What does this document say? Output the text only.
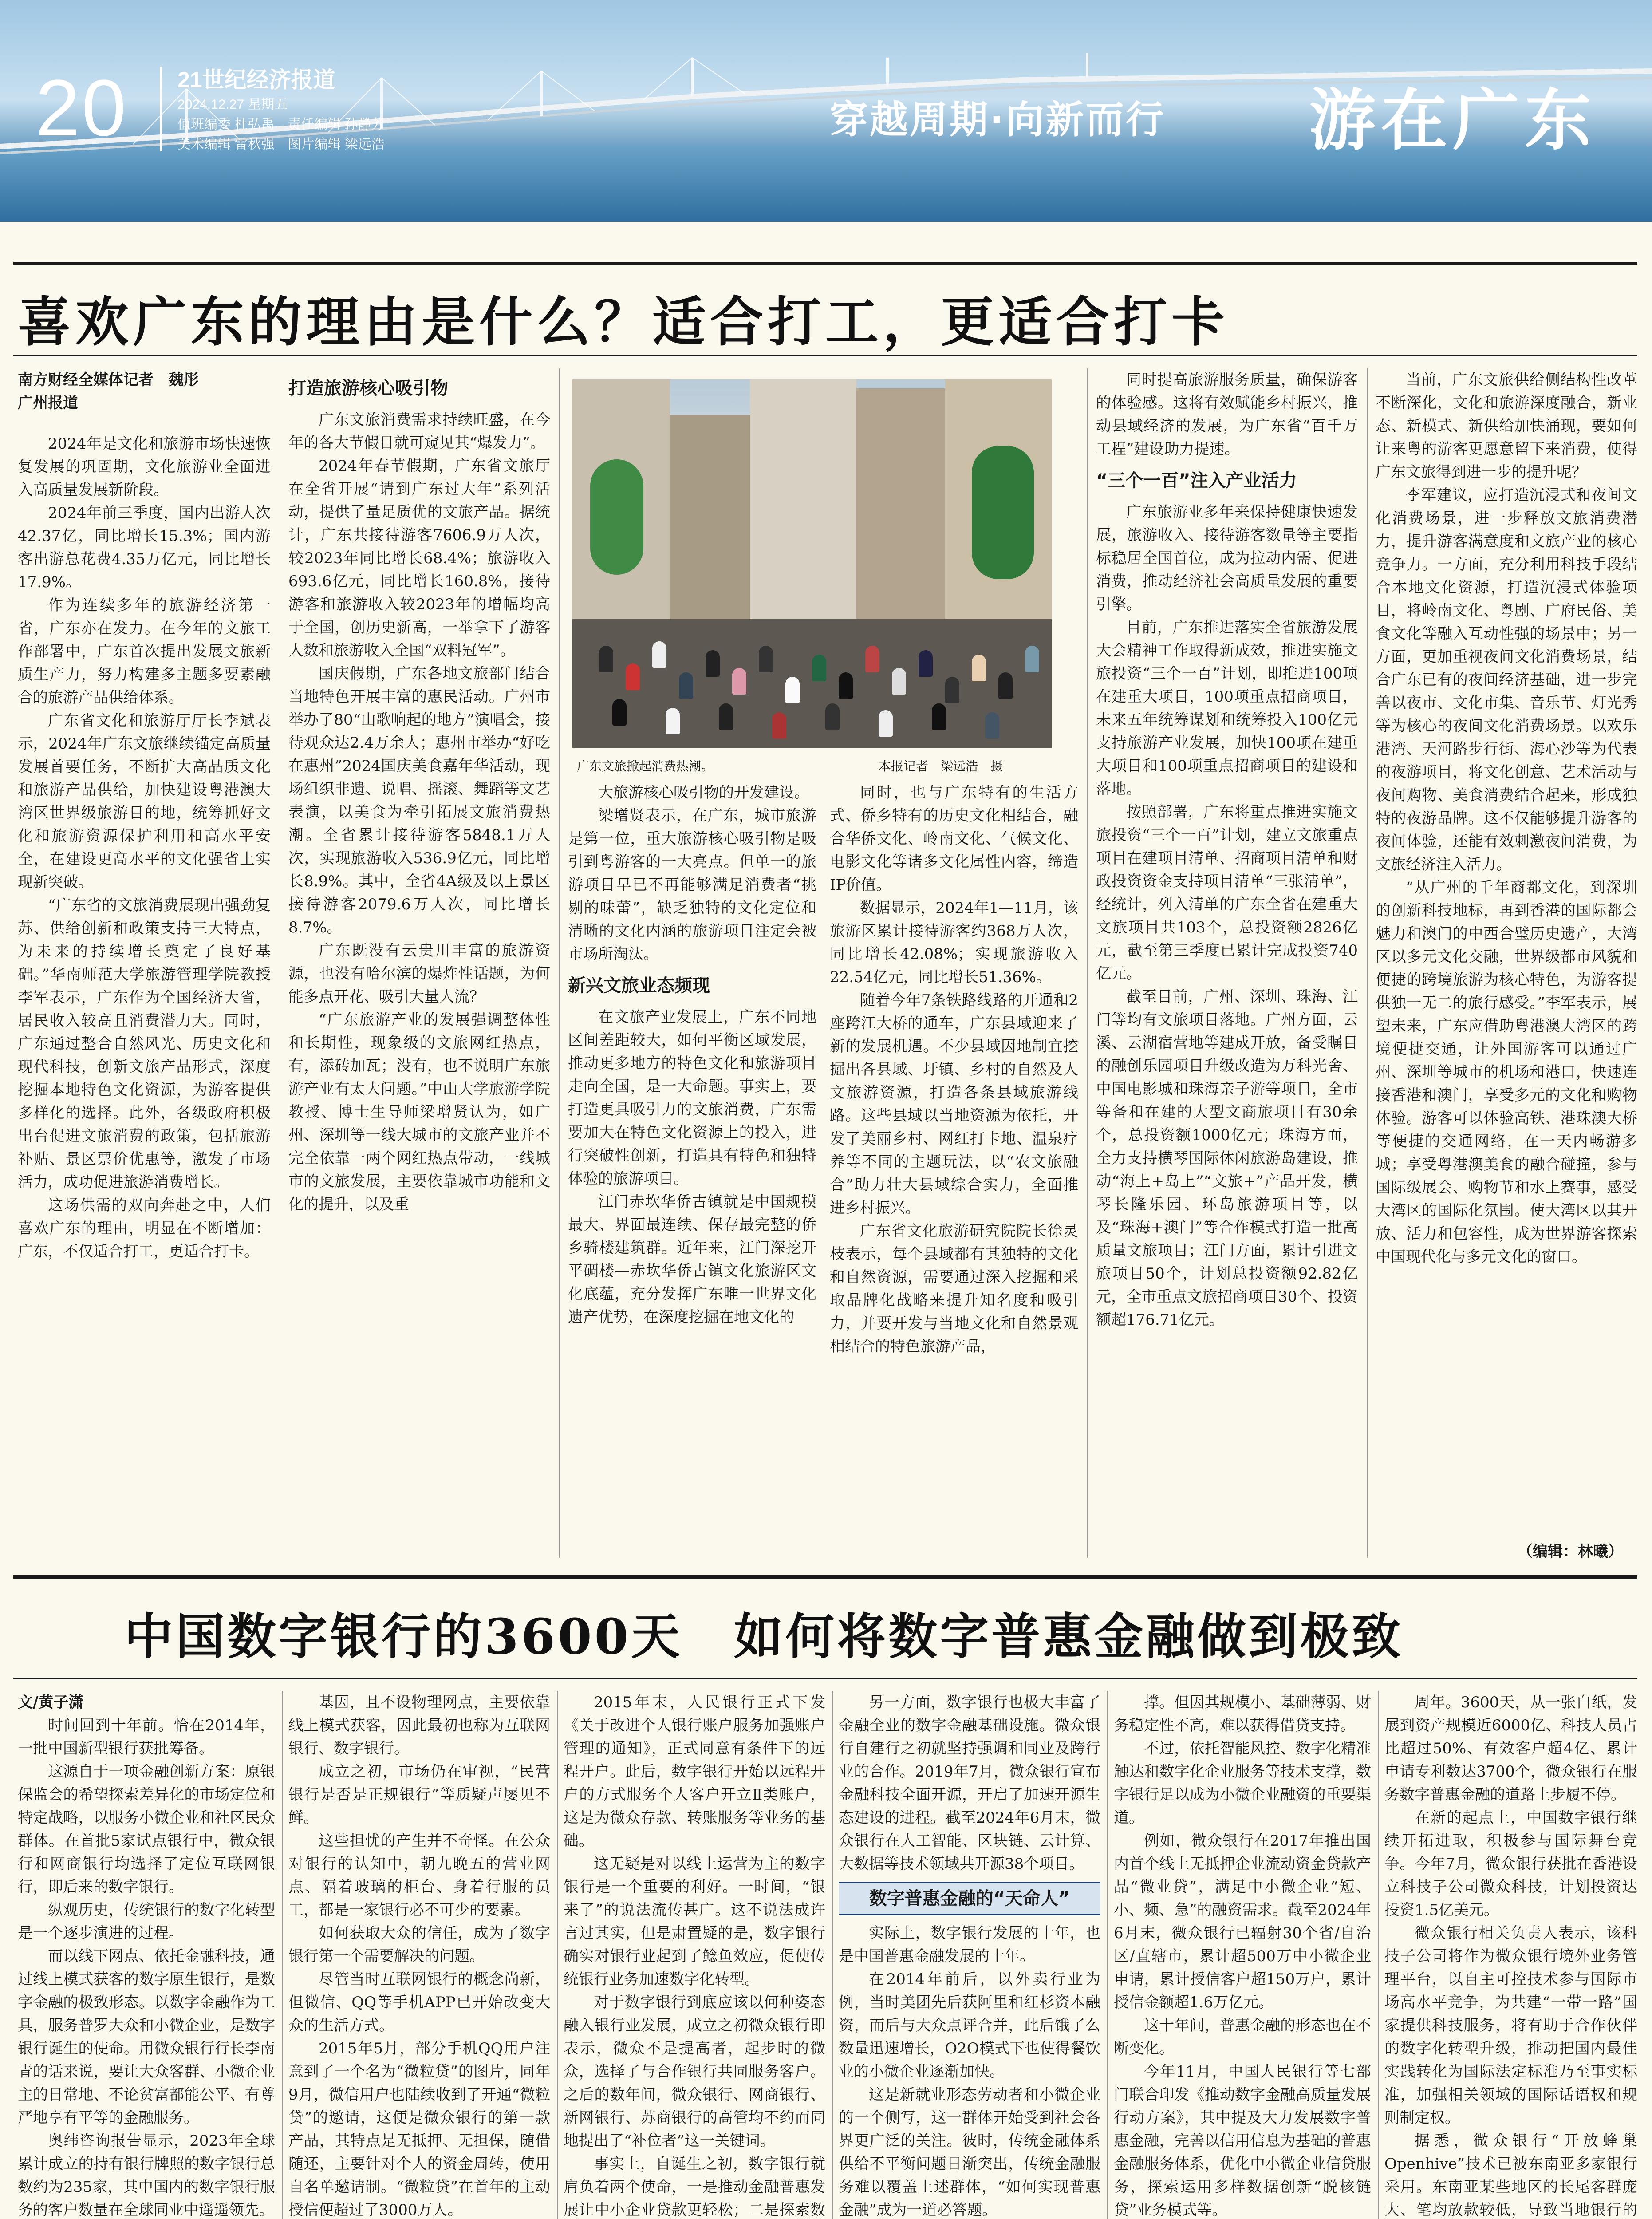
20 21世纪经济报道
2024.12.27 星期五
值班编委 杜弘禹　责任编辑 孙静芳
美术编辑 雷秋强　图片编辑 梁远浩
穿越周期·向新而行 游在广东
喜欢广东的理由是什么？适合打工，更适合打卡
南方财经全媒体记者　魏彤
广州报道

2024年是文化和旅游市场快速恢复发展的巩固期，文化旅游业全面进入高质量发展新阶段。

2024年前三季度，国内出游人次42.37亿，同比增长15.3%；国内游客出游总花费4.35万亿元，同比增长17.9%。

作为连续多年的旅游经济第一省，广东亦在发力。在今年的文旅工作部署中，广东首次提出发展文旅新质生产力，努力构建多主题多要素融合的旅游产品供给体系。

广东省文化和旅游厅厅长李斌表示，2024年广东文旅继续锚定高质量发展首要任务，不断扩大高品质文化和旅游产品供给，加快建设粤港澳大湾区世界级旅游目的地，统筹抓好文化和旅游资源保护利用和高水平安全，在建设更高水平的文化强省上实现新突破。

“广东省的文旅消费展现出强劲复苏、供给创新和政策支持三大特点，为未来的持续增长奠定了良好基础。”华南师范大学旅游管理学院教授李军表示，广东作为全国经济大省，居民收入较高且消费潜力大。同时，广东通过整合自然风光、历史文化和现代科技，创新文旅产品形式，深度挖掘本地特色文化资源，为游客提供多样化的选择。此外，各级政府积极出台促进文旅消费的政策，包括旅游补贴、景区票价优惠等，激发了市场活力，成功促进旅游消费增长。

这场供需的双向奔赴之中，人们喜欢广东的理由，明显在不断增加：广东，不仅适合打工，更适合打卡。

打造旅游核心吸引物

广东文旅消费需求持续旺盛，在今年的各大节假日就可窥见其“爆发力”。

2024年春节假期，广东省文旅厅在全省开展“请到广东过大年”系列活动，提供了量足质优的文旅产品。据统计，广东共接待游客7606.9万人次，较2023年同比增长68.4%；旅游收入693.6亿元，同比增长160.8%，接待游客和旅游收入较2023年的增幅均高于全国，创历史新高，一举拿下了游客人数和旅游收入全国“双料冠军”。

国庆假期，广东各地文旅部门结合当地特色开展丰富的惠民活动。广州市举办了80“山歌响起的地方”演唱会，接待观众达2.4万余人；惠州市举办“好吃在惠州”2024国庆美食嘉年华活动，现场组织非遗、说唱、摇滚、舞蹈等文艺表演，以美食为牵引拓展文旅消费热潮。全省累计接待游客5848.1万人次，实现旅游收入536.9亿元，同比增长8.9%。其中，全省4A级及以上景区接待游客2079.6万人次，同比增长8.7%。

广东既没有云贵川丰富的旅游资源，也没有哈尔滨的爆炸性话题，为何能多点开花、吸引大量人流？

“广东旅游产业的发展强调整体性和长期性，现象级的文旅网红热点，有，添砖加瓦；没有，也不说明广东旅游产业有太大问题。”中山大学旅游学院教授、博士生导师梁增贤认为，如广州、深圳等一线大城市的文旅产业并不完全依靠一两个网红热点带动，一线城市的文旅发展，主要依靠城市功能和文化的提升，以及重

广东文旅掀起消费热潮。	本报记者　梁远浩　摄

大旅游核心吸引物的开发建设。

梁增贤表示，在广东，城市旅游是第一位，重大旅游核心吸引物是吸引到粤游客的一大亮点。但单一的旅游项目早已不再能够满足消费者“挑剔的味蕾”，缺乏独特的文化定位和清晰的文化内涵的旅游项目注定会被市场所淘汰。

新兴文旅业态频现

在文旅产业发展上，广东不同地区间差距较大，如何平衡区域发展，推动更多地方的特色文化和旅游项目走向全国，是一大命题。事实上，要打造更具吸引力的文旅消费，广东需要加大在特色文化资源上的投入，进行突破性创新，打造具有特色和独特体验的旅游项目。

江门赤坎华侨古镇就是中国规模最大、界面最连续、保存最完整的侨乡骑楼建筑群。近年来，江门深挖开平碉楼—赤坎华侨古镇文化旅游区文化底蕴，充分发挥广东唯一世界文化遗产优势，在深度挖掘在地文化的

同时，也与广东特有的生活方式、侨乡特有的历史文化相结合，融合华侨文化、岭南文化、气候文化、电影文化等诸多文化属性内容，缔造IP价值。

数据显示，2024年1—11月，该旅游区累计接待游客约368万人次，同比增长42.08%；实现旅游收入22.54亿元，同比增长51.36%。

随着今年7条铁路线路的开通和2座跨江大桥的通车，广东县域迎来了新的发展机遇。不少县域因地制宜挖掘出各县域、圩镇、乡村的自然及人文旅游资源，打造各条县域旅游线路。这些县域以当地资源为依托，开发了美丽乡村、网红打卡地、温泉疗养等不同的主题玩法，以“农文旅融合”助力壮大县域综合实力，全面推进乡村振兴。

广东省文化旅游研究院院长徐灵枝表示，每个县域都有其独特的文化和自然资源，需要通过深入挖掘和采取品牌化战略来提升知名度和吸引力，并要开发与当地文化和自然景观相结合的特色旅游产品，

同时提高旅游服务质量，确保游客的体验感。这将有效赋能乡村振兴，推动县域经济的发展，为广东省“百千万工程”建设助力提速。

“三个一百”注入产业活力

广东旅游业多年来保持健康快速发展，旅游收入、接待游客数量等主要指标稳居全国首位，成为拉动内需、促进消费，推动经济社会高质量发展的重要引擎。

目前，广东推进落实全省旅游发展大会精神工作取得新成效，推进实施文旅投资“三个一百”计划，即推进100项在建重大项目，100项重点招商项目，未来五年统筹谋划和统筹投入100亿元支持旅游产业发展，加快100项在建重大项目和100项重点招商项目的建设和落地。

按照部署，广东将重点推进实施文旅投资“三个一百”计划，建立文旅重点项目在建项目清单、招商项目清单和财政投资资金支持项目清单“三张清单”，经统计，列入清单的广东全省在建重大文旅项目共103个，总投资额2826亿元，截至第三季度已累计完成投资740亿元。

截至目前，广州、深圳、珠海、江门等均有文旅项目落地。广州方面，云溪、云湖宿营地等建成开放，备受瞩目的融创乐园项目升级改造为万科光舍、中国电影城和珠海亲子游等项目，全市等备和在建的大型文商旅项目有30余个，总投资额1000亿元；珠海方面，全力支持横琴国际休闲旅游岛建设，推动“海上+岛上”“文旅+”产品开发，横琴长隆乐园、环岛旅游项目等，以及“珠海+澳门”等合作模式打造一批高质量文旅项目；江门方面，累计引进文旅项目50个，计划总投资额92.82亿元，全市重点文旅招商项目30个、投资额超176.71亿元。

当前，广东文旅供给侧结构性改革不断深化，文化和旅游深度融合，新业态、新模式、新供给加快涌现，要如何让来粤的游客更愿意留下来消费，使得广东文旅得到进一步的提升呢？

李军建议，应打造沉浸式和夜间文化消费场景，进一步释放文旅消费潜力，提升游客满意度和文旅产业的核心竞争力。一方面，充分利用科技手段结合本地文化资源，打造沉浸式体验项目，将岭南文化、粤剧、广府民俗、美食文化等融入互动性强的场景中；另一方面，更加重视夜间文化消费场景，结合广东已有的夜间经济基础，进一步完善以夜市、文化市集、音乐节、灯光秀等为核心的夜间文化消费场景。以欢乐港湾、天河路步行街、海心沙等为代表的夜游项目，将文化创意、艺术活动与夜间购物、美食消费结合起来，形成独特的夜游品牌。这不仅能够提升游客的夜间体验，还能有效刺激夜间消费，为文旅经济注入活力。

“从广州的千年商都文化，到深圳的创新科技地标，再到香港的国际都会魅力和澳门的中西合璧历史遗产，大湾区以多元文化交融，世界级都市风貌和便捷的跨境旅游为核心特色，为游客提供独一无二的旅行感受。”李军表示，展望未来，广东应借助粤港澳大湾区的跨境便捷交通，让外国游客可以通过广州、深圳等城市的机场和港口，快速连接香港和澳门，享受多元的文化和购物体验。游客可以体验高铁、港珠澳大桥等便捷的交通网络，在一天内畅游多城；享受粤港澳美食的融合碰撞，参与国际级展会、购物节和水上赛事，感受大湾区的国际化氛围。使大湾区以其开放、活力和包容性，成为世界游客探索中国现代化与多元文化的窗口。

（编辑：林曦）
中国数字银行的3600天　如何将数字普惠金融做到极致
文/黄子潇

时间回到十年前。恰在2014年，一批中国新型银行获批筹备。

这源自于一项金融创新方案：原银保监会的希望探索差异化的市场定位和特定战略，以服务小微企业和社区民众群体。在首批5家试点银行中，微众银行和网商银行均选择了定位互联网银行，即后来的数字银行。

纵观历史，传统银行的数字化转型是一个逐步演进的过程。

而以线下网点、依托金融科技，通过线上模式获客的数字原生银行，是数字金融的极致形态。以数字金融作为工具，服务普罗大众和小微企业，是数字银行诞生的使命。用微众银行行长李南青的话来说，要让大众客群、小微企业主的日常地、不论贫富都能公平、有尊严地享有平等的金融服务。

奥纬咨询报告显示，2023年全球累计成立的持有银行牌照的数字银行总数约为235家，其中国内的数字银行服务的客户数量在全球同业中遥遥领先。

基因，且不设物理网点，主要依靠线上模式获客，因此最初也称为互联网银行、数字银行。

成立之初，市场仍在审视，“民营银行是否是正规银行”等质疑声屡见不鲜。

这些担忧的产生并不奇怪。在公众对银行的认知中，朝九晚五的营业网点、隔着玻璃的柜台、身着行服的员工，都是一家银行必不可少的要素。

如何获取大众的信任，成为了数字银行第一个需要解决的问题。

尽管当时互联网银行的概念尚新，但微信、QQ等手机APP已开始改变大众的生活方式。

2015年5月，部分手机QQ用户注意到了一个名为“微粒贷”的图片，同年9月，微信用户也陆续收到了开通“微粒贷”的邀请，这便是微众银行的第一款产品，其特点是无抵押、无担保，随借随还，主要针对个人的资金周转，使用自名单邀请制。“微粒贷”在首年的主动授信便超过了3000万人。

2015年末，人民银行正式下发《关于改进个人银行账户服务加强账户管理的通知》，正式同意有条件下的远程开户。此后，数字银行开始以远程开户的方式服务个人客户开立Ⅱ类账户，这是为微众存款、转账服务等业务的基础。

这无疑是对以线上运营为主的数字银行是一个重要的利好。一时间，“银来了”的说法流传甚广。这不说法成许言过其实，但是肃置疑的是，数字银行确实对银行业起到了鲶鱼效应，促使传统银行业务加速数字化转型。

对于数字银行到底应该以何种姿态融入银行业发展，成立之初微众银行即表示，微众不是提高者，起步时的微众，选择了与合作银行共同服务客户。之后的数年间，微众银行、网商银行、新网银行、苏商银行的高管均不约而同地提出了“补位者”这一关键词。

事实上，自诞生之初，数字银行就肩负着两个使命，一是推动金融普惠发展让中小企业贷款更轻松；二是探索数

另一方面，数字银行也极大丰富了金融全业的数字金融基础设施。微众银行自建行之初就坚持强调和同业及跨行业的合作。2019年7月，微众银行宣布金融科技全面开源，开启了加速开源生态建设的进程。截至2024年6月末，微众银行在人工智能、区块链、云计算、大数据等技术领域共开源38个项目。

数字普惠金融的“天命人”

实际上，数字银行发展的十年，也是中国普惠金融发展的十年。

在2014年前后，以外卖行业为例，当时美团先后获阿里和红杉资本融资，而后与大众点评合并，此后饿了么数量迅速增长，O2O模式下也使得餐饮业的小微企业逐渐加快。

这是新就业形态劳动者和小微企业的一个侧写，这一群体开始受到社会各界更广泛的关注。彼时，传统金融体系供给不平衡问题日渐突出，传统金融服务难以覆盖上述群体，“如何实现普惠金融”成为一道必答题。

撑。但因其规模小、基础薄弱、财务稳定性不高，难以获得借贷支持。

不过，依托智能风控、数字化精准触达和数字化企业服务等技术支撑，数字银行足以成为小微企业融资的重要渠道。

例如，微众银行在2017年推出国内首个线上无抵押企业流动资金贷款产品“微业贷”，满足中小微企业“短、小、频、急”的融资需求。截至2024年6月末，微众银行已辐射30个省/自治区/直辖市，累计超500万中小微企业申请，累计授信客户超150万户，累计授信金额超1.6万亿元。

这十年间，普惠金融的形态也在不断变化。

今年11月，中国人民银行等七部门联合印发《推动数字金融高质量发展行动方案》，其中提及大力发展数字普惠金融，完善以信用信息为基础的普惠金融服务体系，优化中小微企业信贷服务，探索运用多样数据创新“脱核链贷”业务模式等。

周年。3600天，从一张白纸，发展到资产规模近6000亿、科技人员占比超过50%、有效客户超4亿、累计申请专利数达3700个，微众银行在服务数字普惠金融的道路上步履不停。

在新的起点上，中国数字银行继续开拓进取，积极参与国际舞台竞争。今年7月，微众银行获批在香港设立科技子公司微众科技，计划投资达投资1.5亿美元。

微众银行相关负责人表示，该科技子公司将作为微众银行境外业务管理平台，以自主可控技术参与国际市场高水平竞争，为共建“一带一路”国家提供科技服务，将有助于合作伙伴的数字化转型升级，推动把国内最佳实践转化为国际法定标准乃至事实标准，加强相关领域的国际话语权和规则制定权。

据悉，微众银行“开放蜂巢Openhive”技术已被东南亚多家银行采用。东南亚某些地区的长尾客群庞大、笔均放款较低，导致当地银行的
